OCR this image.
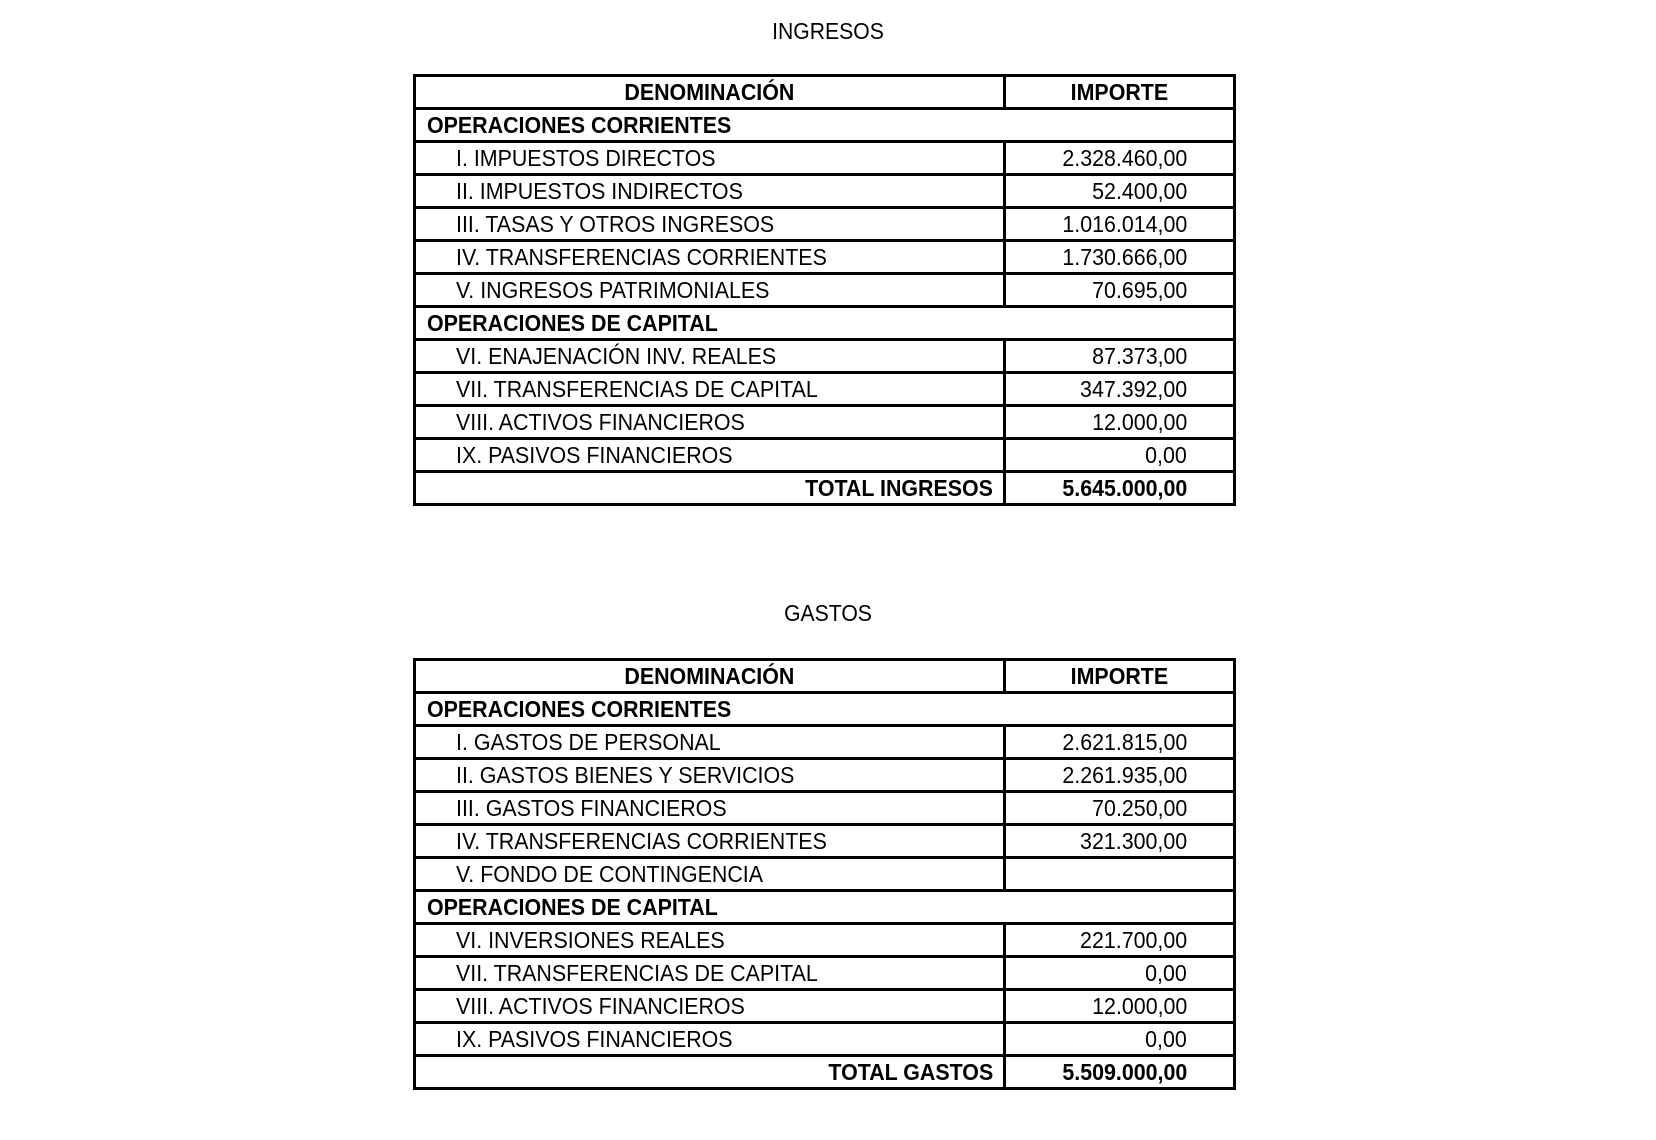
INGRESOS
DENOMINACIÓN	IMPORTE
OPERACIONES CORRIENTES	
I. IMPUESTOS DIRECTOS	2.328.460,00
II. IMPUESTOS INDIRECTOS	52.400,00
III. TASAS Y OTROS INGRESOS	1.016.014,00
IV. TRANSFERENCIAS CORRIENTES	1.730.666,00
V. INGRESOS PATRIMONIALES	70.695,00
OPERACIONES DE CAPITAL	
VI. ENAJENACIÓN INV. REALES	87.373,00
VII. TRANSFERENCIAS DE CAPITAL	347.392,00
VIII. ACTIVOS FINANCIEROS	12.000,00
IX. PASIVOS FINANCIEROS	0,00
TOTAL INGRESOS	5.645.000,00
GASTOS
DENOMINACIÓN	IMPORTE
OPERACIONES CORRIENTES	
I. GASTOS DE PERSONAL	2.621.815,00
II. GASTOS BIENES Y SERVICIOS	2.261.935,00
III. GASTOS FINANCIEROS	70.250,00
IV. TRANSFERENCIAS CORRIENTES	321.300,00
V. FONDO DE CONTINGENCIA	
OPERACIONES DE CAPITAL	
VI. INVERSIONES REALES	221.700,00
VII. TRANSFERENCIAS DE CAPITAL	0,00
VIII. ACTIVOS FINANCIEROS	12.000,00
IX. PASIVOS FINANCIEROS	0,00
TOTAL GASTOS	5.509.000,00
